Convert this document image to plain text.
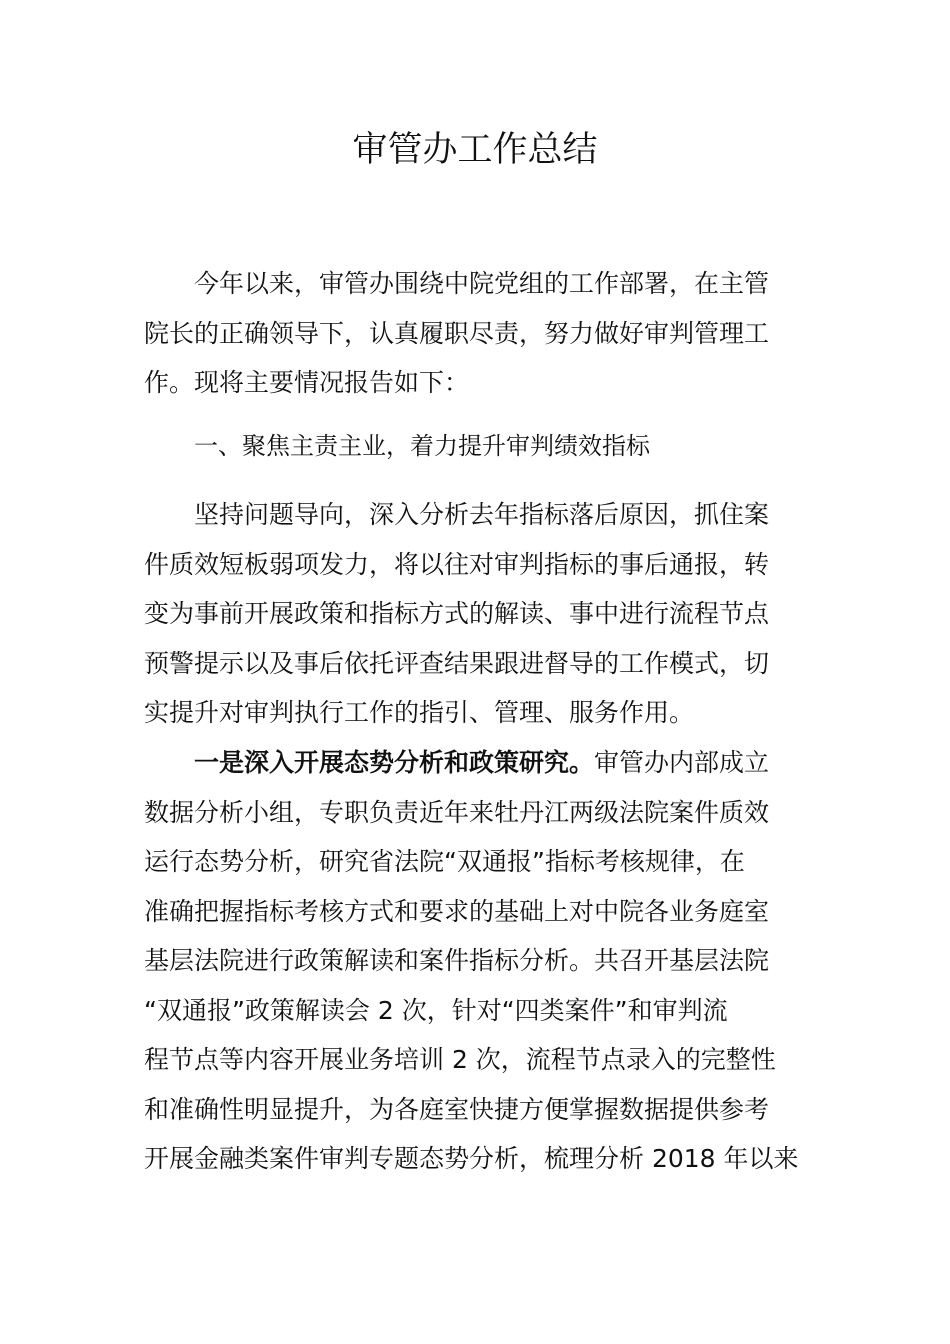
审管办工作总结
今年以来，审管办围绕中院党组的工作部署，在主管
院长的正确领导下，认真履职尽责，努力做好审判管理工
作。现将主要情况报告如下：
一、聚焦主责主业，着力提升审判绩效指标
坚持问题导向，深入分析去年指标落后原因，抓住案
件质效短板弱项发力，将以往对审判指标的事后通报，转
变为事前开展政策和指标方式的解读、事中进行流程节点
预警提示以及事后依托评查结果跟进督导的工作模式，切
实提升对审判执行工作的指引、管理、服务作用。
一是深入开展态势分析和政策研究。审管办内部成立
数据分析小组，专职负责近年来牡丹江两级法院案件质效
运行态势分析，研究省法院“双通报”指标考核规律，在
准确把握指标考核方式和要求的基础上对中院各业务庭室
基层法院进行政策解读和案件指标分析。共召开基层法院
“双通报”政策解读会 2 次，针对“四类案件”和审判流
程节点等内容开展业务培训 2 次，流程节点录入的完整性
和准确性明显提升，为各庭室快捷方便掌握数据提供参考
开展金融类案件审判专题态势分析，梳理分析 2018 年以来
